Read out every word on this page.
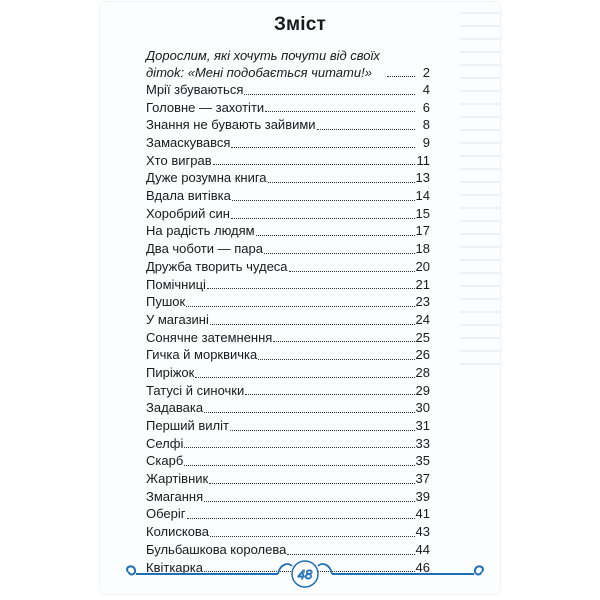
Зміст
Дорослим, які хочуть почути від своїх дітоk: «Мені подобається читати!»	2
Мрії збуваються	4
Головне — захотіти	6
Знання не бувають зайвими	8
Замаскувався	9
Хто виграв	11
Дуже розумна книга	13
Вдала витівка	14
Хоробрий син	15
На радість людям	17
Два чоботи — пара	18
Дружба творить чудеса	20
Помічниці	21
Пушок	23
У магазині	24
Сонячне затемнення	25
Гичка й морквичка	26
Пиріжок	28
Татусі й синочки	29
Задавака	30
Перший виліт	31
Селфі	33
Скарб	35
Жартівник	37
Змагання	39
Оберіг	41
Колискова	43
Бульбашкова королева	44
Квіткарка	46
48
